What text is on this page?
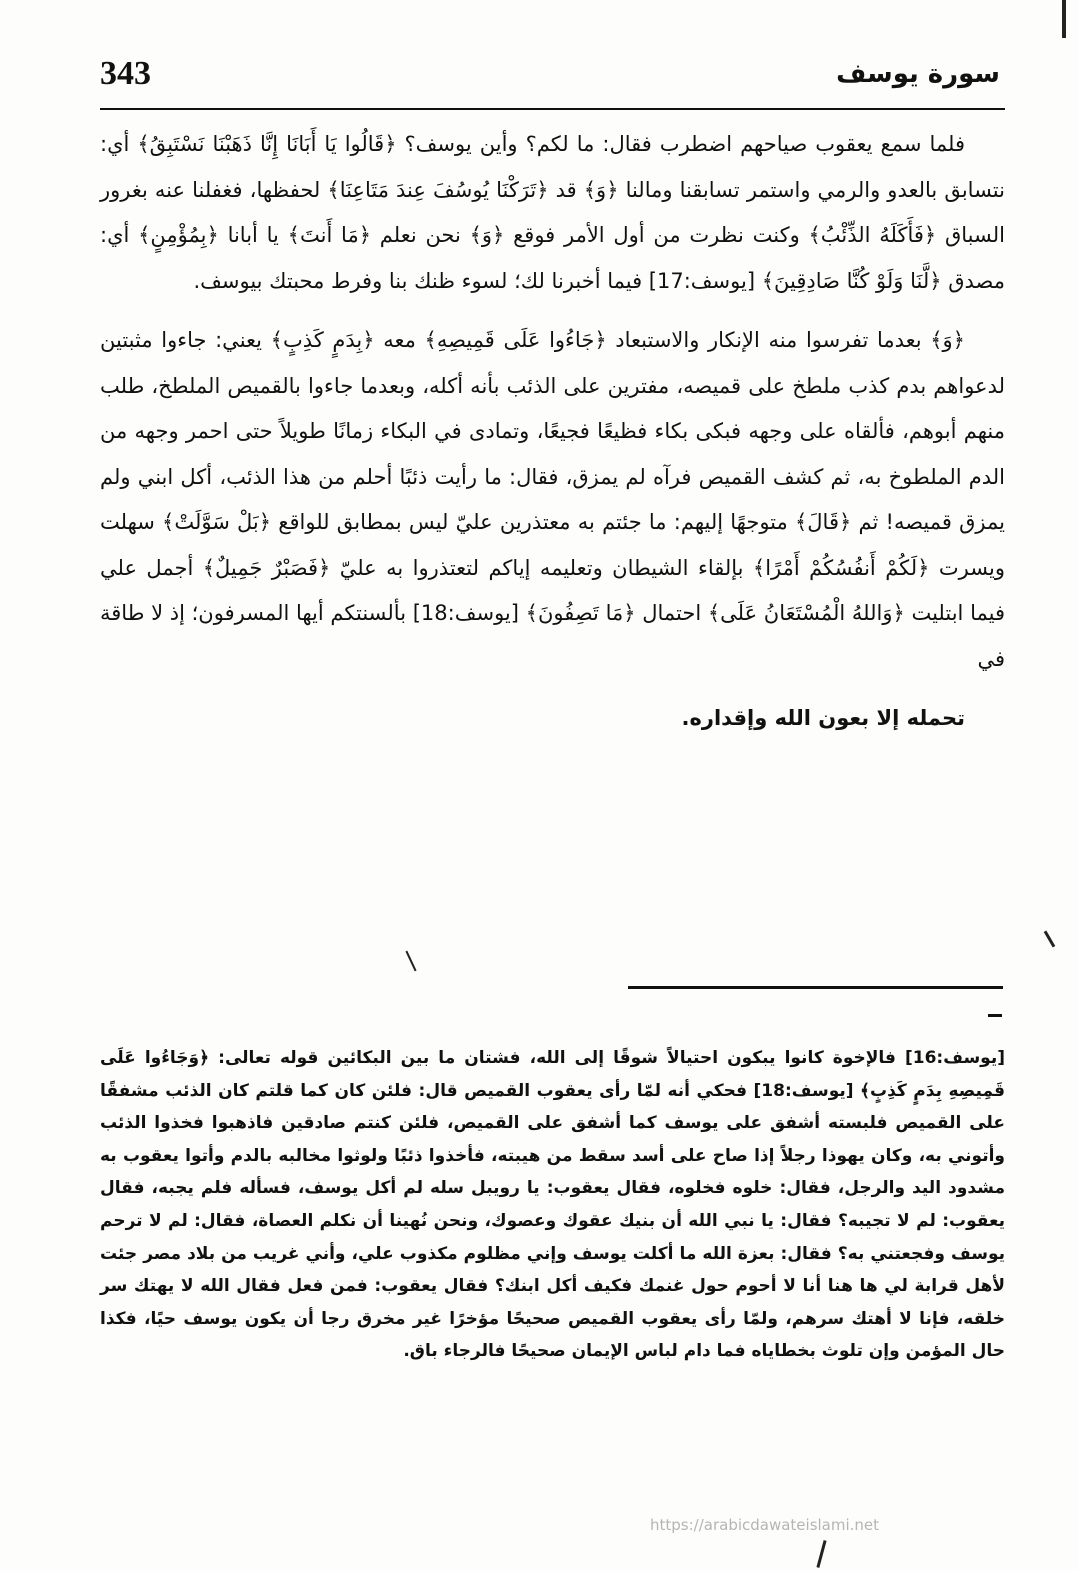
343	سورة يوسف

فلما سمع يعقوب صياحهم اضطرب فقال: ما لكم؟ وأين يوسف؟ ﴿قَالُوا يَا أَبَانَا إِنَّا ذَهَبْنَا نَسْتَبِقُ﴾ أي: نتسابق بالعدو والرمي واستمر تسابقنا ومالنا ﴿وَ﴾ قد ﴿تَرَكْنَا يُوسُفَ عِندَ مَتَاعِنَا﴾ لحفظها، فغفلنا عنه بغرور السباق ﴿فَأَكَلَهُ الذِّئْبُ﴾ وكنت نظرت من أول الأمر فوقع ﴿وَ﴾ نحن نعلم ﴿مَا أَنتَ﴾ يا أبانا ﴿بِمُؤْمِنٍ﴾ أي: مصدق ﴿لَّنَا وَلَوْ كُنَّا صَادِقِينَ﴾ [يوسف:17] فيما أخبرنا لك؛ لسوء ظنك بنا وفرط محبتك بيوسف.

﴿وَ﴾ بعدما تفرسوا منه الإنكار والاستبعاد ﴿جَاءُوا عَلَى قَمِيصِهِ﴾ معه ﴿بِدَمٍ كَذِبٍ﴾ يعني: جاءوا مثبتين لدعواهم بدم كذب ملطخ على قميصه، مفترين على الذئب بأنه أكله، وبعدما جاءوا بالقميص الملطخ، طلب منهم أبوهم، فألقاه على وجهه فبكى بكاء فظيعًا فجيعًا، وتمادى في البكاء زمانًا طويلاً حتى احمر وجهه من الدم الملطوخ به، ثم كشف القميص فرآه لم يمزق، فقال: ما رأيت ذئبًا أحلم من هذا الذئب، أكل ابني ولم يمزق قميصه! ثم ﴿قَالَ﴾ متوجهًا إليهم: ما جئتم به معتذرين عليّ ليس بمطابق للواقع ﴿بَلْ سَوَّلَتْ﴾ سهلت ويسرت ﴿لَكُمْ أَنفُسُكُمْ أَمْرًا﴾ بإلقاء الشيطان وتعليمه إياكم لتعتذروا به عليّ ﴿فَصَبْرٌ جَمِيلٌ﴾ أجمل علي فيما ابتليت ﴿وَاللهُ الْمُسْتَعَانُ عَلَى﴾ احتمال ﴿مَا تَصِفُونَ﴾ [يوسف:18] بألسنتكم أيها المسرفون؛ إذ لا طاقة في

تحمله إلا بعون الله وإقداره.

[يوسف:16] فالإخوة كانوا يبكون احتيالاً شوقًا إلى الله، فشتان ما بين البكائين قوله تعالى: ﴿وَجَاءُوا عَلَى قَمِيصِهِ بِدَمٍ كَذِبٍ﴾ [يوسف:18] فحكي أنه لمّا رأى يعقوب القميص قال: فلئن كان كما قلتم كان الذئب مشفقًا على القميص فلبسته أشفق على يوسف كما أشفق على القميص، فلئن كنتم صادقين فاذهبوا فخذوا الذئب وأتوني به، وكان يهوذا رجلاً إذا صاح على أسد سقط من هيبته، فأخذوا ذئبًا ولوثوا مخالبه بالدم وأتوا يعقوب به مشدود اليد والرجل، فقال: خلوه فخلوه، فقال يعقوب: يا رويبل سله لم أكل يوسف، فسأله فلم يجبه، فقال يعقوب: لم لا تجيبه؟ فقال: يا نبي الله أن بنيك عقوك وعصوك، ونحن نُهينا أن نكلم العصاة، فقال: لم لا ترحم يوسف وفجعتني به؟ فقال: بعزة الله ما أكلت يوسف وإني مظلوم مكذوب علي، وأني غريب من بلاد مصر جئت لأهل قرابة لي ها هنا أنا لا أحوم حول غنمك فكيف أكل ابنك؟ فقال يعقوب: فمن فعل فقال الله لا يهتك سر خلقه، فإنا لا أهتك سرهم، ولمّا رأى يعقوب القميص صحيحًا مؤخرًا غير مخرق رجا أن يكون يوسف حيًا، فكذا حال المؤمن وإن تلوث بخطاياه فما دام لباس الإيمان صحيحًا فالرجاء باق.

https://arabicdawateislami.net
